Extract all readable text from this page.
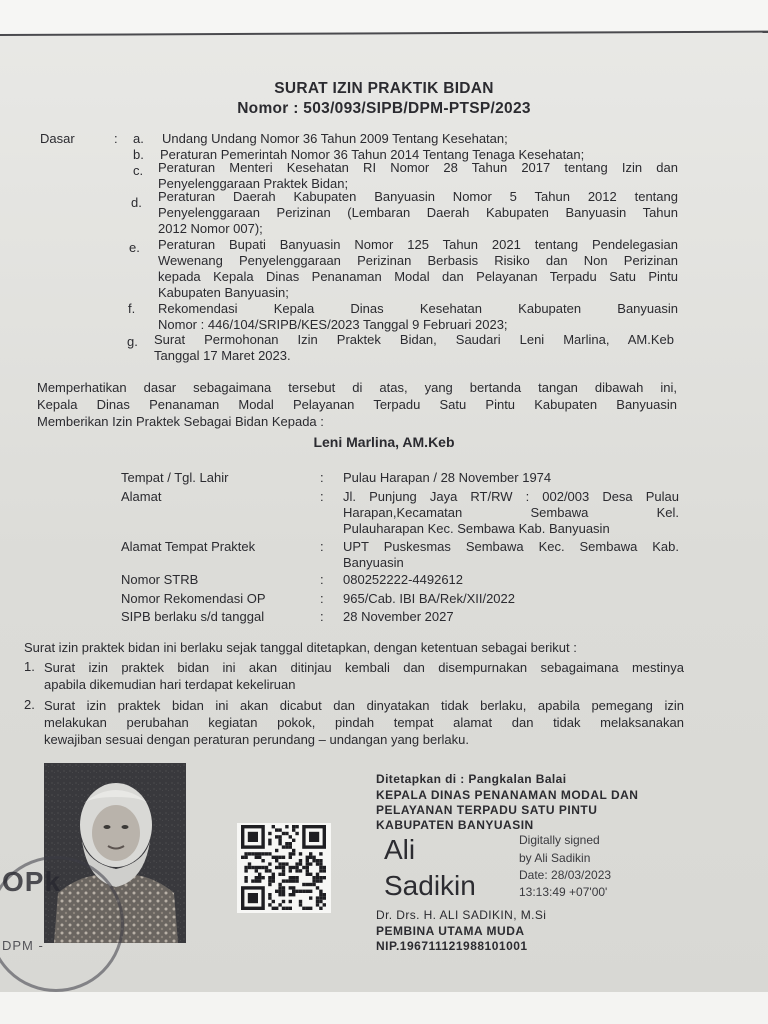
SURAT IZIN PRAKTIK BIDAN
Nomor : 503/093/SIPB/DPM-PTSP/2023
Dasar	: a. Undang Undang Nomor 36 Tahun 2009 Tentang Kesehatan;
b. Peraturan Pemerintah Nomor 36 Tahun 2014 Tentang Tenaga Kesehatan;
c. Peraturan Menteri Kesehatan RI Nomor 28 Tahun 2017 tentang Izin dan
Penyelenggaraan Praktek Bidan;
d. Peraturan Daerah Kabupaten Banyuasin Nomor 5 Tahun 2012 tentang
Penyelenggaraan Perizinan (Lembaran Daerah Kabupaten Banyuasin Tahun
2012 Nomor 007);
e. Peraturan Bupati Banyuasin Nomor 125 Tahun 2021 tentang Pendelegasian
Wewenang Penyelenggaraan Perizinan Berbasis Risiko dan Non Perizinan
kepada Kepala Dinas Penanaman Modal dan Pelayanan Terpadu Satu Pintu
Kabupaten Banyuasin;
f. Rekomendasi Kepala Dinas Kesehatan Kabupaten Banyuasin
Nomor : 446/104/SRIPB/KES/2023 Tanggal 9 Februari 2023;
g. Surat Permohonan Izin Praktek Bidan, Saudari Leni Marlina, AM.Keb
Tanggal 17 Maret 2023.
Memperhatikan dasar sebagaimana tersebut di atas, yang bertanda tangan dibawah ini,
Kepala Dinas Penanaman Modal Pelayanan Terpadu Satu Pintu Kabupaten Banyuasin
Memberikan Izin Praktek Sebagai Bidan Kepada :
Leni Marlina, AM.Keb
Tempat / Tgl. Lahir	: Pulau Harapan / 28 November 1974
Alamat	: Jl. Punjung Jaya RT/RW : 002/003 Desa Pulau
Harapan,Kecamatan Sembawa Kel.
Pulauharapan Kec. Sembawa Kab. Banyuasin
Alamat Tempat Praktek	: UPT Puskesmas Sembawa Kec. Sembawa Kab.
Banyuasin
Nomor STRB	: 080252222-4492612
Nomor Rekomendasi OP	: 965/Cab. IBI BA/Rek/XII/2022
SIPB berlaku s/d tanggal	: 28 November 2027
Surat izin praktek bidan ini berlaku sejak tanggal ditetapkan, dengan ketentuan sebagai berikut :
1. Surat izin praktek bidan ini akan ditinjau kembali dan disempurnakan sebagaimana mestinya
apabila dikemudian hari terdapat kekeliruan
2. Surat izin praktek bidan ini akan dicabut dan dinyatakan tidak berlaku, apabila pemegang izin
melakukan perubahan kegiatan pokok, pindah tempat alamat dan tidak melaksanakan
kewajiban sesuai dengan peraturan perundang – undangan yang berlaku.
OPk
DPM -
Ditetapkan di : Pangkalan Balai
KEPALA DINAS PENANAMAN MODAL DAN
PELAYANAN TERPADU SATU PINTU
KABUPATEN BANYUASIN
Ali
Sadikin
Digitally signed
by Ali Sadikin
Date: 28/03/2023
13:13:49 +07'00'
Dr. Drs. H. ALI SADIKIN, M.Si
PEMBINA UTAMA MUDA
NIP.196711121988101001
